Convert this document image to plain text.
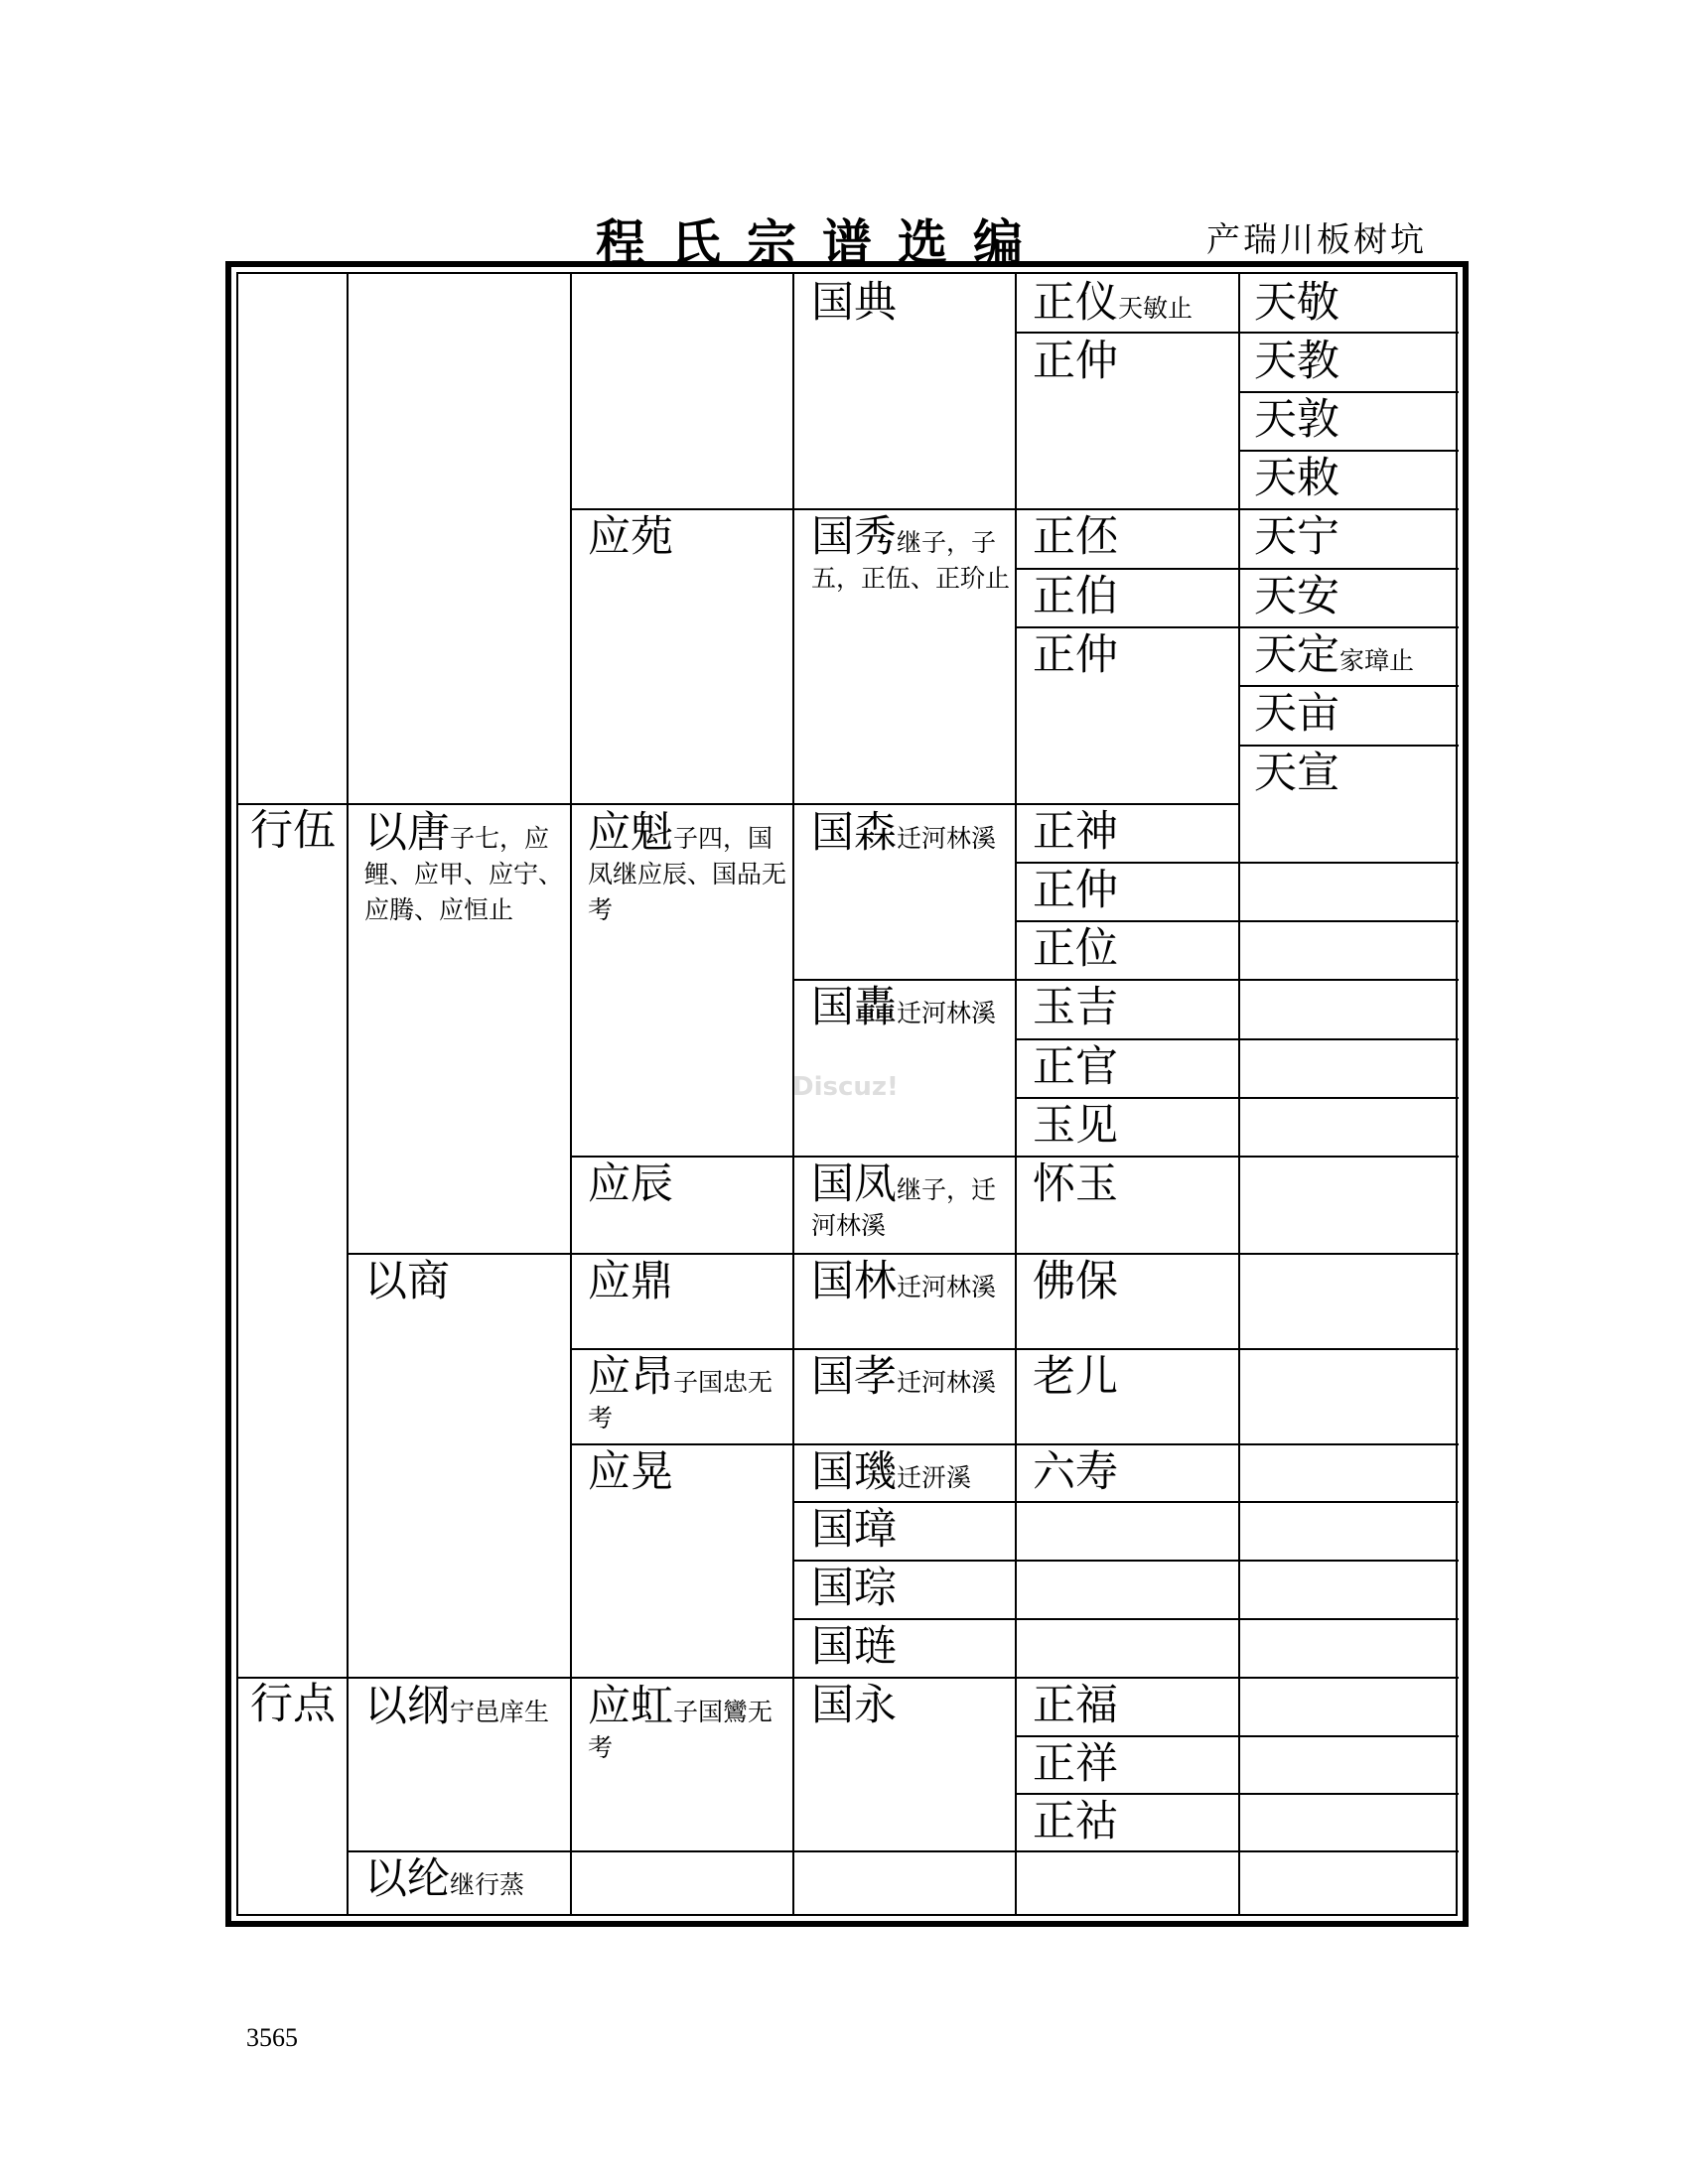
程氏宗谱选编	产瑞川板树坑
行伍
行点
以唐子七，应鲤、应甲、应宁、应腾、应恒止
以商
以纲宁邑庠生
以纶继行蒸
应苑
应魁子四，国凤继应辰、国品无考
应辰
应鼎
应昂子国忠无考
应晃
应虹子国鸞无考
国典
国秀继子，子五，正伍、正玠止
国森迁河林溪
国轟迁河林溪
国凤继子，迁河林溪
国林迁河林溪
国孝迁河林溪
国璣迁汧溪
国璋
国琮
国琏
国永
正仪天敏止
正仲
正伾
正伯
正仲
正神
正仲
正位
玉吉
正官
玉见
怀玉
佛保
老儿
六寿
正福
正祥
正祜
天敬
天教
天敦
天敕
天宁
天安
天定家璋止
天亩
天宣
Discuz!
3565
